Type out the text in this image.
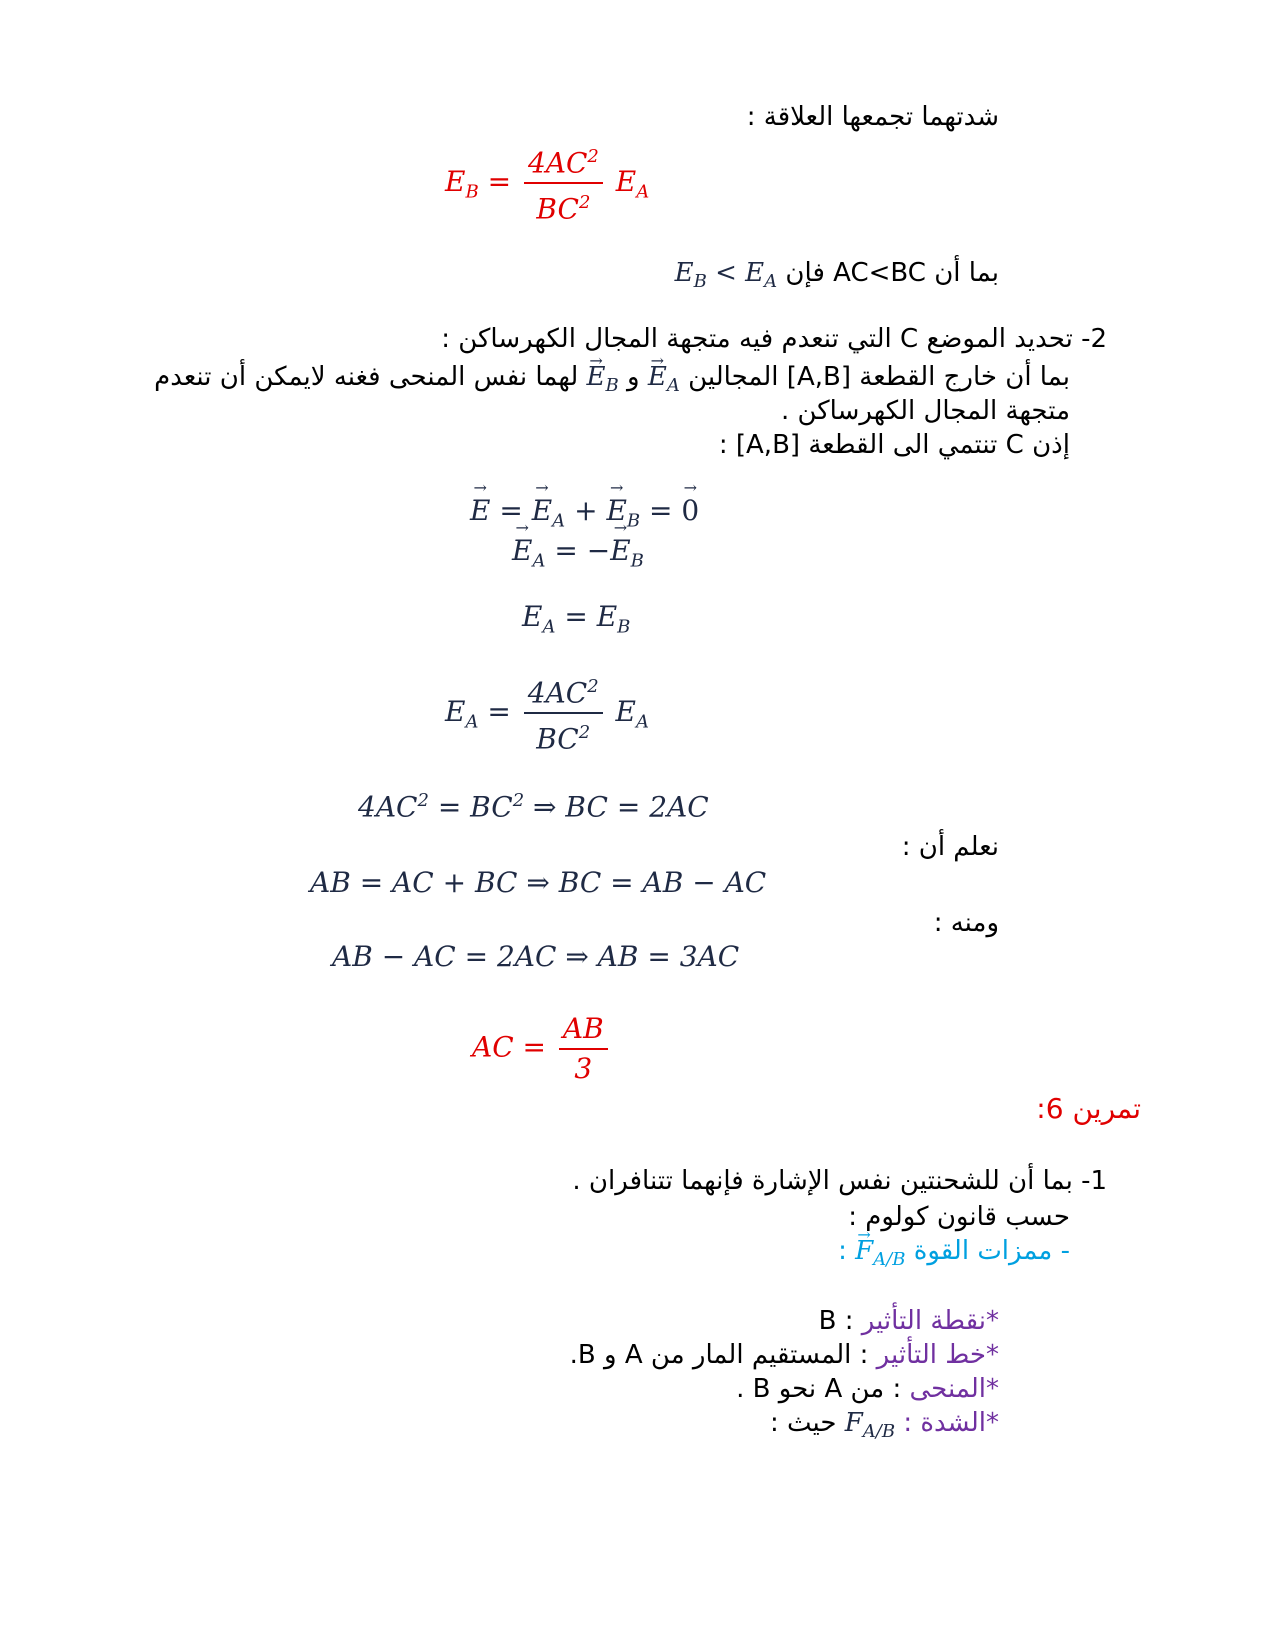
شدتهما تجمعها العلاقة :
$E_B = \frac{4AC^2}{BC^2} E_A$
بما أن AC<BC فإن $E_B < E_A$
2- تحديد الموضع C التي تنعدم فيه متجهة المجال الكهرساكن :
بما أن خارج القطعة [A,B] المجالين → $E_A$ و → $E_B$ لهما نفس المنحى فغنه لايمكن أن تنعدم
متجهة المجال الكهرساكن .
إذن C تنتمي الى القطعة [A,B] :
→ E = → $E_A$ + → $E_B$ = → 0
→ $E_A$ = −→ $E_B$
$E_A = E_B$
$E_A = \frac{4AC^2}{BC^2} E_A$
$4AC^2 = BC^2$ ⇒ BC = 2AC
نعلم أن :
AB = AC + BC ⇒ BC = AB − AC
ومنه :
AB − AC = 2AC ⇒ AB = 3AC
AC = $\frac{AB}{3}$
تمرين 6:
1- بما أن للشحنتين نفس الإشارة فإنهما تتنافران .
حسب قانون كولوم :
- ممزات القوة → $F_{A/B}$ :
*نقطة التأثير : B
*خط التأثير : المستقيم المار من A و B.
*المنحى : من A نحو B .
*الشدة : $F_{A/B}$ حيث :
